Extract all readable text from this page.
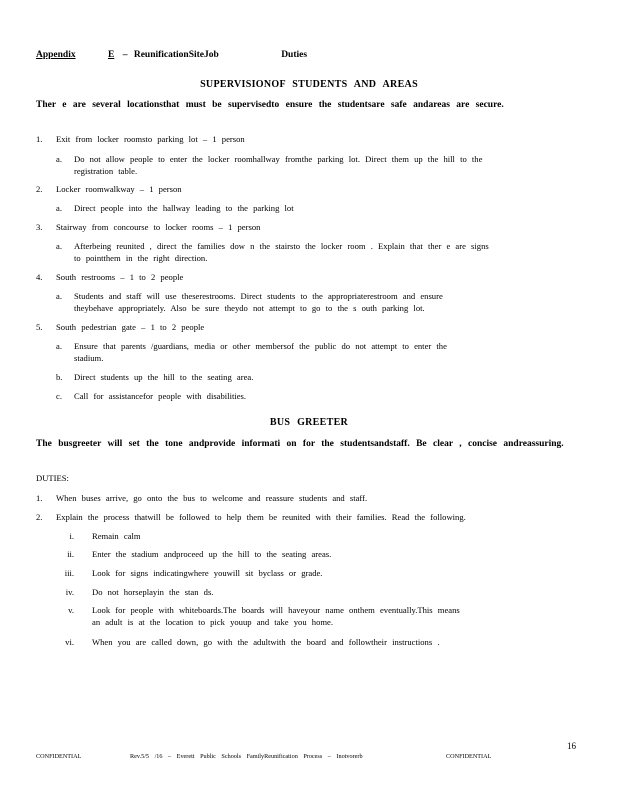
Appendix	E – ReunificationSiteJob	Duties
SUPERVISIONOF STUDENTS AND AREAS
Ther e are several locationsthat must be supervisedto ensure the studentsare safe andareas are secure.
1. Exit from locker roomsto parking lot – 1 person
a. Do not allow people to enter the locker roomhallway fromthe parking lot. Direct them up the hill to the
registration table.
2. Locker roomwalkway – 1 person
a. Direct people into the hallway leading to the parking lot
3. Stairway from concourse to locker rooms – 1 person
a. Afterbeing reunited , direct the families dow n the stairsto the locker room . Explain that ther e are signs
to pointthem in the right direction.
4. South restrooms – 1 to 2 people
a. Students and staff will use theserestrooms. Direct students to the appropriaterestroom and ensure
theybehave appropriately. Also be sure theydo not attempt to go to the s outh parking lot.
5. South pedestrian gate – 1 to 2 people
a. Ensure that parents /guardians, media or other membersof the public do not attempt to enter the
stadium.
b. Direct students up the hill to the seating area.
c. Call for assistancefor people with disabilities.
BUS GREETER
The busgreeter will set the tone andprovide informati on for the studentsandstaff. Be clear , concise andreassuring.
DUTIES:
1. When buses arrive, go onto the bus to welcome and reassure students and staff.
2. Explain the process thatwill be followed to help them be reunited with their families. Read the following.
i. Remain calm
ii. Enter the stadium andproceed up the hill to the seating areas.
iii. Look for signs indicatingwhere youwill sit byclass or grade.
iv. Do not horseplayin the stan ds.
v. Look for people with whiteboards.The boards will haveyour name onthem eventually.This means
an adult is at the location to pick youup and take you home.
vi. When you are called down, go with the adultwith the board and followtheir instructions .
16
CONFIDENTIAL	Rev.5/5 /16 – Everett Public Schools FamilyReunification Process – Inotvorerb	CONFIDENTIAL
